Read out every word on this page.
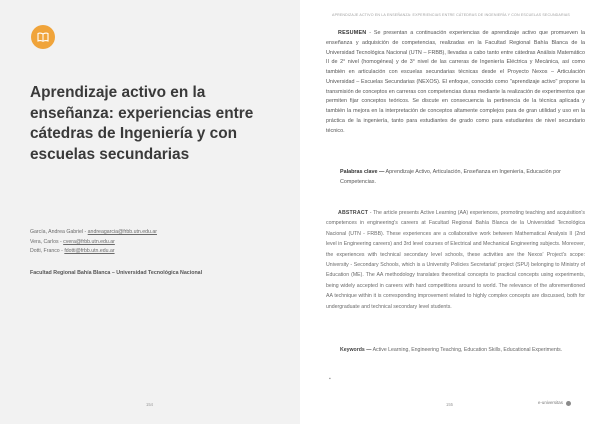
Aprendizaje activo en la enseñanza: experiencias entre cátedras de Ingeniería y con escuelas secundarias
García, Andrea Gabriel - andreagarcia@frbb.utn.edu.ar
Vera, Carlos - cvera@frbb.utn.edu.ar
Dotti, Franco - fdotti@frbb.utn.edu.ar
Facultad Regional Bahía Blanca – Universidad Tecnológica Nacional
154
APRENDIZAJE ACTIVO EN LA ENSEÑANZA: EXPERIENCIAS ENTRE CÁTEDRAS DE INGENIERÍA Y CON ESCUELAS SECUNDARIAS

RESUMEN - Se presentan a continuación experiencias de aprendizaje activo que promueven la enseñanza y adquisición de competencias, realizadas en la Facultad Regional Bahía Blanca de la Universidad Tecnológica Nacional (UTN – FRBB), llevadas a cabo tanto entre cátedras Análisis Matemático II de 2° nivel (homogénea) y de 3° nivel de las carreras de Ingeniería Eléctrica y Mecánica, así como también en articulación con escuelas secundarias técnicas desde el Proyecto Nexos – Articulación Universidad – Escuelas Secundarias (NEXOS). El enfoque, conocido como "aprendizaje activo" propone la transmisión de conceptos en carreras con competencias duras mediante la realización de experimentos que permiten fijar conceptos teóricos. Se discute en consecuencia la pertinencia de la técnica aplicada y también la mejora en la interpretación de conceptos altamente complejos para de gran utilidad y uso en la práctica de la ingeniería, tanto para estudiantes de grado como para estudiantes de nivel secundario técnico.

Palabras clave — Aprendizaje Activo, Articulación, Enseñanza en Ingeniería, Educación por Competencias.

ABSTRACT - The article presents Active Learning (AA) experiences, promoting teaching and acquisition's competences in engineering's careers at Facultad Regional Bahía Blanca de la Universidad Tecnológica Nacional (UTN - FRBB). These experiences are a collaborative work between Mathematical Analysis II (2nd level in Engineering careers) and 3rd level courses of Electrical and Mechanical Engineering subjects. Moreover, the experiences with technical secondary level schools, these activities are the Nexos' Project's scope: University - Secondary Schools, which is a University Policies Secretariat' project (SPU) belonging to Ministry of Education (ME). The AA methodology translates theoretical concepts to practical concepts using experiments, being widely accepted in careers with hard competitions around to world. The relevance of the aforementioned AA technique within it is corresponding improvement related to highly complex concepts are discussed, both for undergraduate and technical secondary level students.

Keywords — Active Learning, Engineering Teaching, Education Skills, Educational Experiments.

▪
155	e-universitas
